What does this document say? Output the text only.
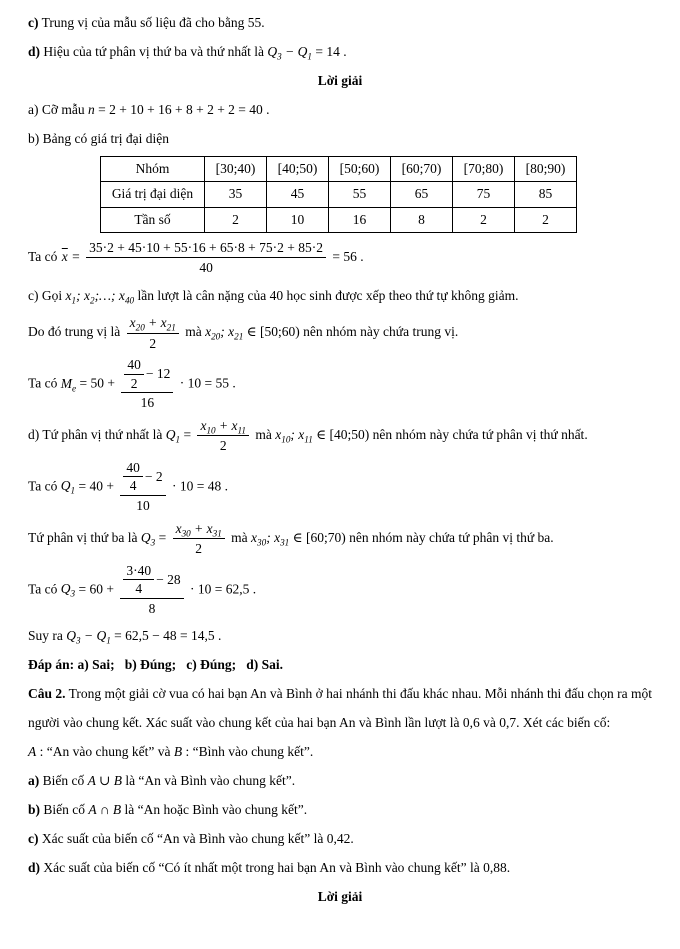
c) Trung vị của mẫu số liệu đã cho bằng 55.

d) Hiệu của tứ phân vị thứ ba và thứ nhất là $Q_3 - Q_1 = 14$ .

Lời giải

a) Cỡ mẫu n = 2 + 10 + 16 + 8 + 2 + 2 = 40 .

b) Bảng có giá trị đại diện

Nhóm	[30;40)	[40;50)	[50;60)	[60;70)	[70;80)	[80;90)
Giá trị đại diện	35	45	55	65	75	85
Tần số	2	10	16	8	2	2

Ta có $\overline{x} = \frac{35\cdot 2 + 45\cdot 10 + 55\cdot 16 + 65\cdot 8 + 75\cdot 2 + 85\cdot 2}{40} = 56$ .

c) Gọi $x_1$; $x_2;\dots$; $x_{40}$ lần lượt là cân nặng của 40 học sinh được xếp theo thứ tự không giảm.

Do đó trung vị là $\frac{x_{20} + x_{21}}{2}$ mà $x_{20}$; $x_{21}$ ∈ [50;60) nên nhóm này chứa trung vị.

Ta có $M_e = 50 + \frac{\frac{40}{2} - 12}{16} \cdot 10 = 55$ .

d) Tứ phân vị thứ nhất là $Q_1 = \frac{x_{10} + x_{11}}{2}$ mà $x_{10}$; $x_{11}$ ∈ [40;50) nên nhóm này chứa tứ phân vị thứ nhất.

Ta có $Q_1 = 40 + \frac{\frac{40}{4} - 2}{10} \cdot 10 = 48$ .

Tứ phân vị thứ ba là $Q_3 = \frac{x_{30} + x_{31}}{2}$ mà $x_{30}$; $x_{31}$ ∈ [60;70) nên nhóm này chứa tứ phân vị thứ ba.

Ta có $Q_3 = 60 + \frac{\frac{3\cdot 40}{4} - 28}{8} \cdot 10 = 62,5$ .

Suy ra $Q_3 - Q_1 = 62,5 - 48 = 14,5$ .

Đáp án: a) Sai;   b) Đúng;   c) Đúng;   d) Sai.

Câu 2. Trong một giải cờ vua có hai bạn An và Bình ở hai nhánh thi đấu khác nhau. Mỗi nhánh thi đấu chọn ra một người vào chung kết. Xác suất vào chung kết của hai bạn An và Bình lần lượt là 0,6 và 0,7. Xét các biến cố:

A : “An vào chung kết” và B : “Bình vào chung kết”.

a) Biến cố A ∪ B là “An và Bình vào chung kết”.

b) Biến cố A ∩ B là “An hoặc Bình vào chung kết”.

c) Xác suất của biến cố “An và Bình vào chung kết” là 0,42.

d) Xác suất của biến cố “Có ít nhất một trong hai bạn An và Bình vào chung kết” là 0,88.

Lời giải
